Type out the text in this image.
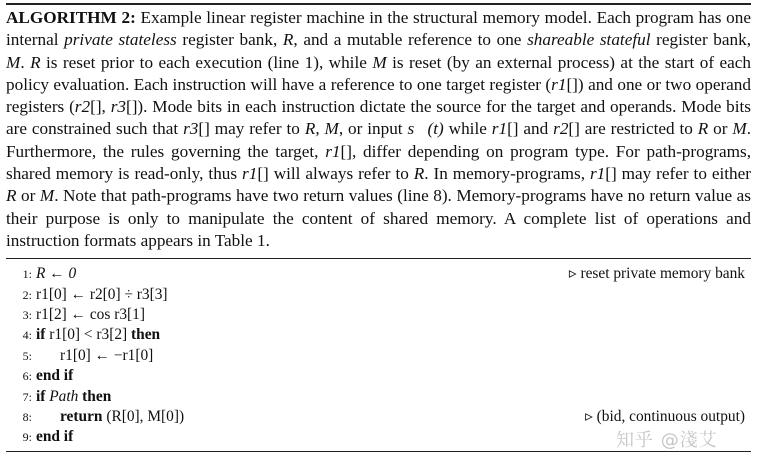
ALGORITHM 2: Example linear register machine in the structural memory model. Each program has one internal private stateless register bank, R, and a mutable reference to one shareable stateful register bank, M. R is reset prior to each execution (line 1), while M is reset (by an external process) at the start of each policy evaluation. Each instruction will have a reference to one target register (r1[]) and one or two operand registers (r2[], r3[]). Mode bits in each instruction dictate the source for the target and operands. Mode bits are constrained such that r3[] may refer to R, M, or input s⃗(t) while r1[] and r2[] are restricted to R or M. Furthermore, the rules governing the target, r1[], differ depending on program type. For path-programs, shared memory is read-only, thus r1[] will always refer to R. In memory-programs, r1[] may refer to either R or M. Note that path-programs have two return values (line 8). Memory-programs have no return value as their purpose is only to manipulate the content of shared memory. A complete list of operations and instruction formats appears in Table 1.

1: R ← 0	▹ reset private memory bank
2: r1[0] ← r2[0] ÷ r3[3]
3: r1[2] ← cos r3[1]
4: if r1[0] < r3[2] then
5: r1[0] ← −r1[0]
6: end if
7: if Path then
8: return (R[0], M[0])	▹ (bid, continuous output)
9: end if	知乎 @淺艾
